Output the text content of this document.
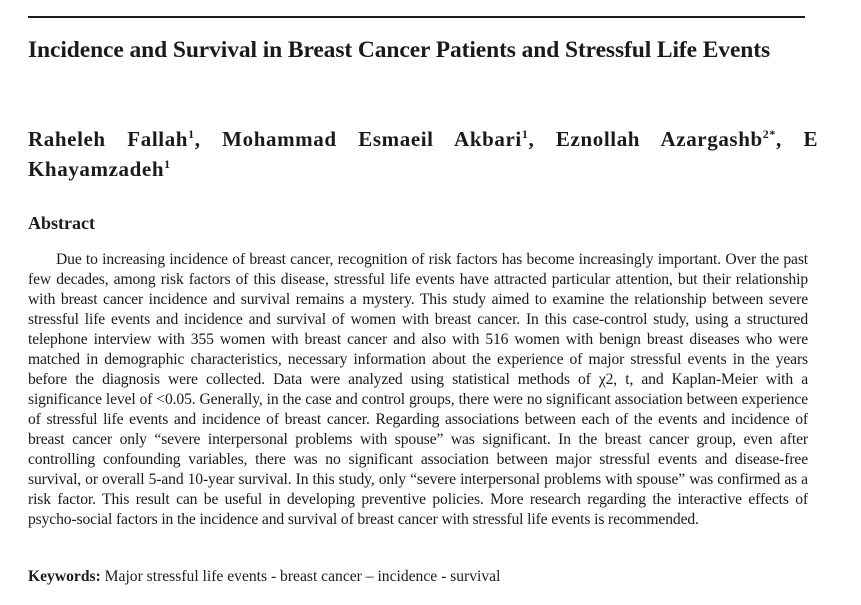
Incidence and Survival in Breast Cancer Patients and Stressful Life Events

Raheleh Fallah$^1$, Mohammad Esmaeil Akbari$^1$, Eznollah Azargashb$^{2*}$, E Khayamzadeh$^1$

Abstract

Due to increasing incidence of breast cancer, recognition of risk factors has become increasingly important. Over the past few decades, among risk factors of this disease, stressful life events have attracted particular attention, but their relationship with breast cancer incidence and survival remains a mystery. This study aimed to examine the relationship between severe stressful life events and incidence and survival of women with breast cancer. In this case-control study, using a structured telephone interview with 355 women with breast cancer and also with 516 women with benign breast diseases who were matched in demographic characteristics, necessary information about the experience of major stressful events in the years before the diagnosis were collected. Data were analyzed using statistical methods of χ2, t, and Kaplan-Meier with a significance level of <0.05. Generally, in the case and control groups, there were no significant association between experience of stressful life events and incidence of breast cancer. Regarding associations between each of the events and incidence of breast cancer only “severe interpersonal problems with spouse” was significant. In the breast cancer group, even after controlling confounding variables, there was no significant association between major stressful events and disease-free survival, or overall 5-and 10-year survival. In this study, only “severe interpersonal problems with spouse” was confirmed as a risk factor. This result can be useful in developing preventive policies. More research regarding the interactive effects of psycho-social factors in the incidence and survival of breast cancer with stressful life events is recommended.

Keywords: Major stressful life events - breast cancer – incidence - survival
